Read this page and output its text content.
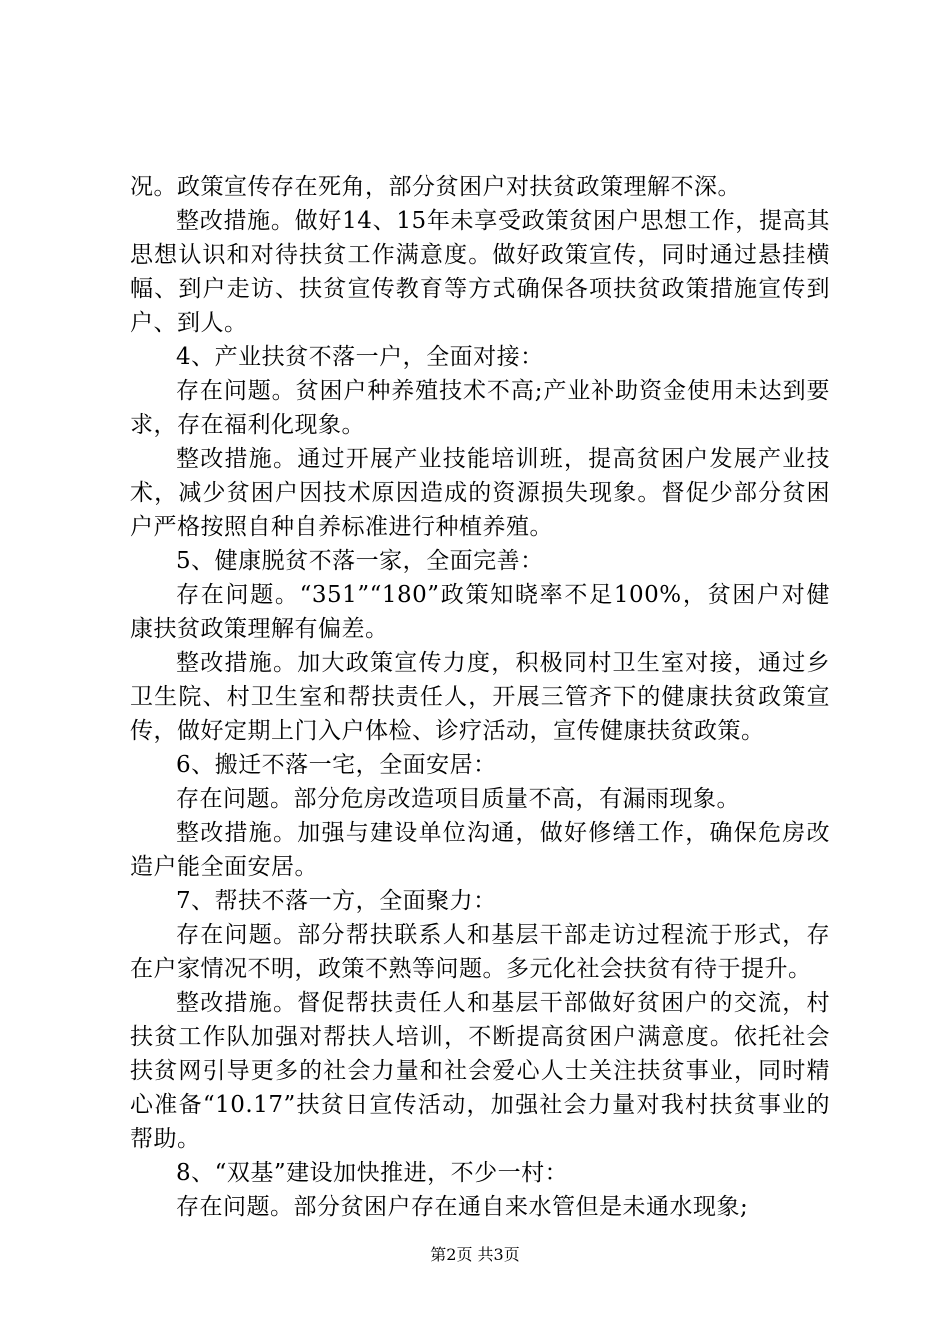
况。政策宣传存在死角，部分贫困户对扶贫政策理解不深。

整改措施。做好14、15年未享受政策贫困户思想工作，提高其思想认识和对待扶贫工作满意度。做好政策宣传，同时通过悬挂横幅、到户走访、扶贫宣传教育等方式确保各项扶贫政策措施宣传到户、到人。

4、产业扶贫不落一户，全面对接：

存在问题。贫困户种养殖技术不高;产业补助资金使用未达到要求，存在福利化现象。

整改措施。通过开展产业技能培训班，提高贫困户发展产业技术，减少贫困户因技术原因造成的资源损失现象。督促少部分贫困户严格按照自种自养标准进行种植养殖。

5、健康脱贫不落一家，全面完善：

存在问题。“351”“180”政策知晓率不足100%，贫困户对健康扶贫政策理解有偏差。

整改措施。加大政策宣传力度，积极同村卫生室对接，通过乡卫生院、村卫生室和帮扶责任人，开展三管齐下的健康扶贫政策宣传，做好定期上门入户体检、诊疗活动，宣传健康扶贫政策。

6、搬迁不落一宅，全面安居：

存在问题。部分危房改造项目质量不高，有漏雨现象。

整改措施。加强与建设单位沟通，做好修缮工作，确保危房改造户能全面安居。

7、帮扶不落一方，全面聚力：

存在问题。部分帮扶联系人和基层干部走访过程流于形式，存在户家情况不明，政策不熟等问题。多元化社会扶贫有待于提升。

整改措施。督促帮扶责任人和基层干部做好贫困户的交流，村扶贫工作队加强对帮扶人培训，不断提高贫困户满意度。依托社会扶贫网引导更多的社会力量和社会爱心人士关注扶贫事业，同时精心准备“10.17”扶贫日宣传活动，加强社会力量对我村扶贫事业的帮助。

8、“双基”建设加快推进，不少一村：

存在问题。部分贫困户存在通自来水管但是未通水现象;

第2页 共3页
